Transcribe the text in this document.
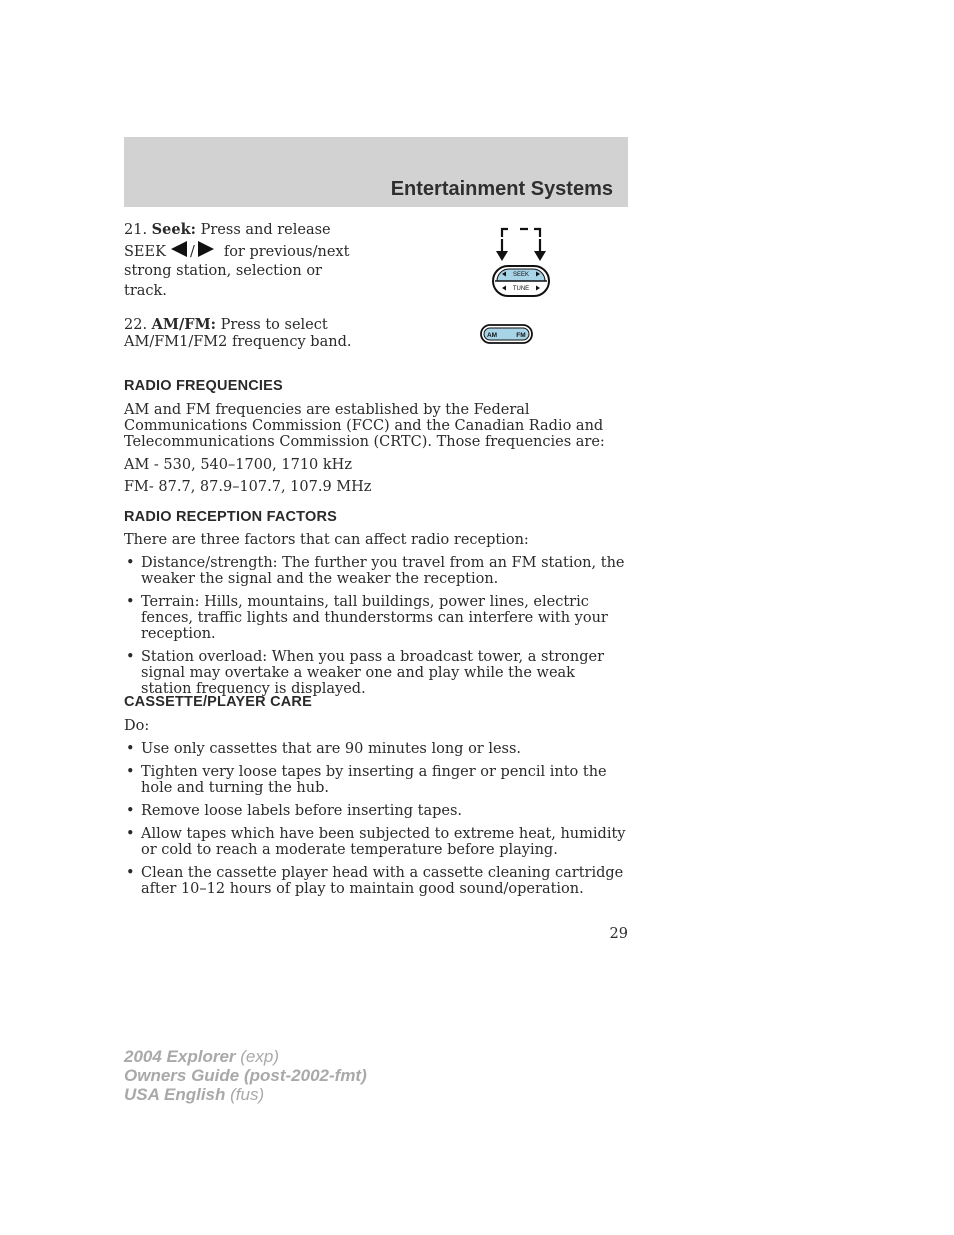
Entertainment Systems
21. Seek: Press and release
SEEK / for previous/next
strong station, selection or track.
SEEK
TUNE
22. AM/FM: Press to select
AM/FM1/FM2 frequency band.	AM	FM
RADIO FREQUENCIES

AM and FM frequencies are established by the Federal Communications Commission (FCC) and the Canadian Radio and Telecommunications Commission (CRTC). Those frequencies are:

AM - 530, 540–1700, 1710 kHz

FM- 87.7, 87.9–107.7, 107.9 MHz

RADIO RECEPTION FACTORS

There are three factors that can affect radio reception:

• Distance/strength: The further you travel from an FM station, the weaker the signal and the weaker the reception.
• Terrain: Hills, mountains, tall buildings, power lines, electric fences, traffic lights and thunderstorms can interfere with your reception.
• Station overload: When you pass a broadcast tower, a stronger signal may overtake a weaker one and play while the weak station frequency is displayed.
CASSETTE/PLAYER CARE

Do:

• Use only cassettes that are 90 minutes long or less.
• Tighten very loose tapes by inserting a finger or pencil into the hole and turning the hub.
• Remove loose labels before inserting tapes.
• Allow tapes which have been subjected to extreme heat, humidity or cold to reach a moderate temperature before playing.
• Clean the cassette player head with a cassette cleaning cartridge after 10–12 hours of play to maintain good sound/operation.
29
2004 Explorer (exp)
Owners Guide (post-2002-fmt)
USA English (fus)
